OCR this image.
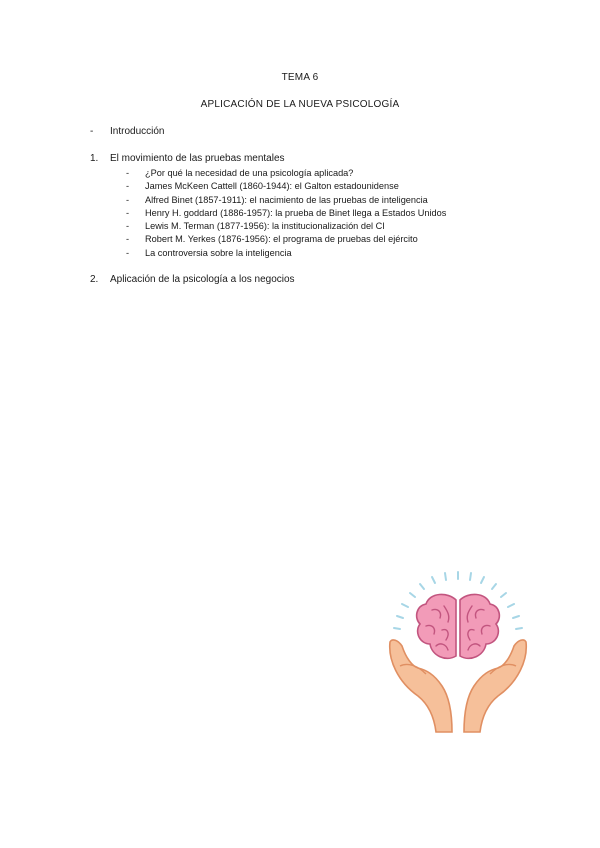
TEMA 6
APLICACIÓN DE LA NUEVA PSICOLOGÍA
- Introducción
1. El movimiento de las pruebas mentales
- ¿Por qué la necesidad de una psicología aplicada?
- James McKeen Cattell (1860-1944): el Galton estadounidense
- Alfred Binet (1857-1911): el nacimiento de las pruebas de inteligencia
- Henry H. goddard (1886-1957): la prueba de Binet llega a Estados Unidos
- Lewis M. Terman (1877-1956): la institucionalización del CI
- Robert M. Yerkes (1876-1956): el programa de pruebas del ejército
- La controversia sobre la inteligencia
2. Aplicación de la psicología a los negocios
